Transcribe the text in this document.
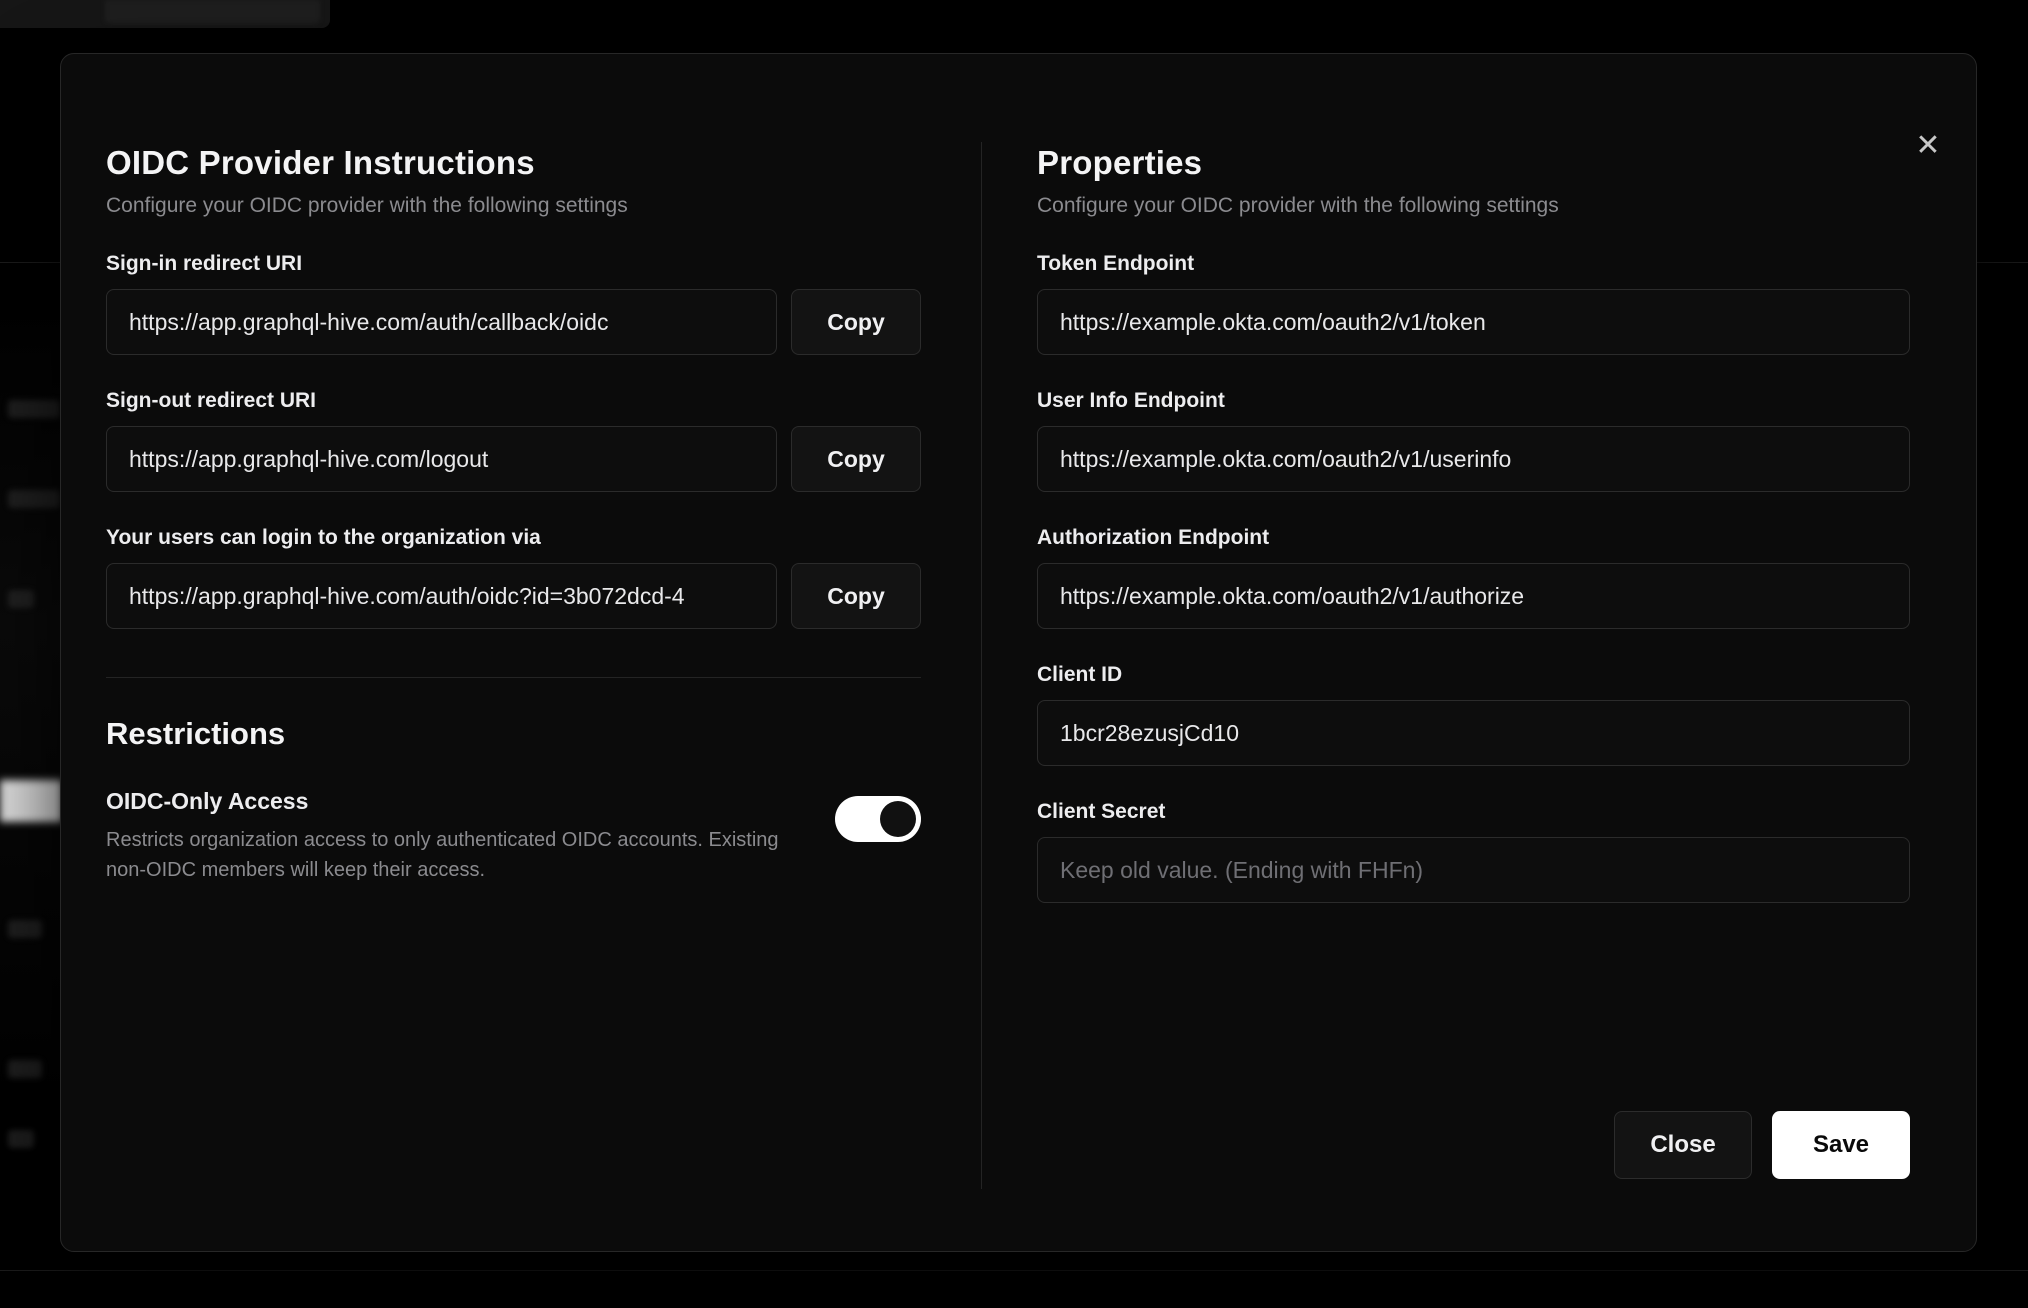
✕
OIDC Provider Instructions

Configure your OIDC provider with the following settings

Sign-in redirect URI
https://app.graphql-hive.com/auth/callback/oidc
Copy
Sign-out redirect URI
https://app.graphql-hive.com/logout
Copy
Your users can login to the organization via
https://app.graphql-hive.com/auth/oidc?id=3b072dcd-4
Copy
Restrictions
OIDC-Only Access
Restricts organization access to only authenticated OIDC accounts. Existing non-OIDC members will keep their access.
Properties

Configure your OIDC provider with the following settings

Token Endpoint
https://example.okta.com/oauth2/v1/token
User Info Endpoint
https://example.okta.com/oauth2/v1/userinfo
Authorization Endpoint
https://example.okta.com/oauth2/v1/authorize
Client ID
1bcr28ezusjCd10
Client Secret
Keep old value. (Ending with FHFn)
Close	Save
